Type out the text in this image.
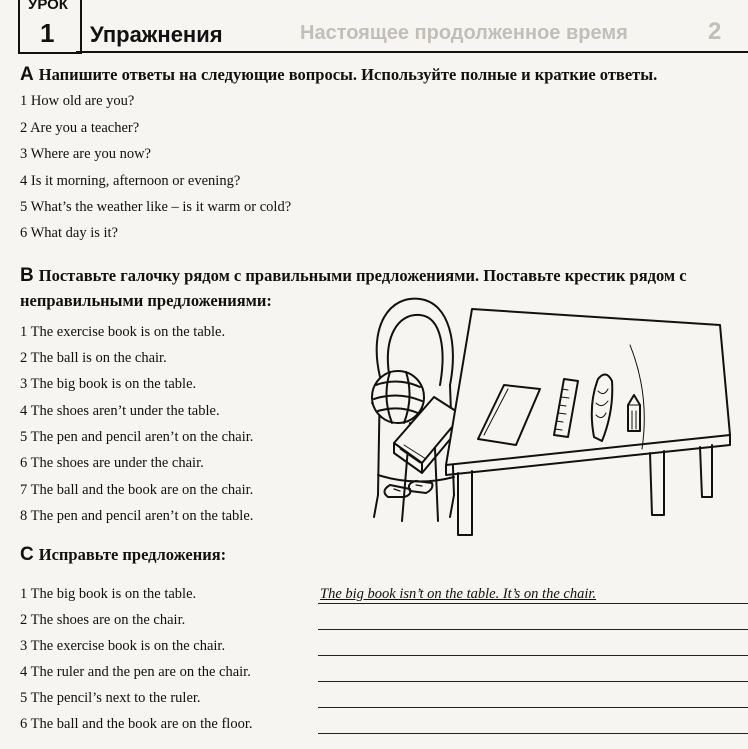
2
Настоящее продолженное время
УРОК
1 Упражнения
A Напишите ответы на следующие вопросы. Используйте полные и краткие ответы.
1 How old are you?
2 Are you a teacher?
3 Where are you now?
4 Is it morning, afternoon or evening?
5 What’s the weather like – is it warm or cold?
6 What day is it?
B Поставьте галочку рядом с правильными предложениями. Поставьте крестик рядом с
неправильными предложениями:
1 The exercise book is on the table.
2 The ball is on the chair.
3 The big book is on the table.
4 The shoes aren’t under the table.
5 The pen and pencil aren’t on the chair.
6 The shoes are under the chair.
7 The ball and the book are on the chair.
8 The pen and pencil aren’t on the table.
C Исправьте предложения:
1 The big book is on the table.	The big book isn’t on the table. It’s on the chair.
2 The shoes are on the chair.
3 The exercise book is on the chair.
4 The ruler and the pen are on the chair.
5 The pencil’s next to the ruler.
6 The ball and the book are on the floor.
